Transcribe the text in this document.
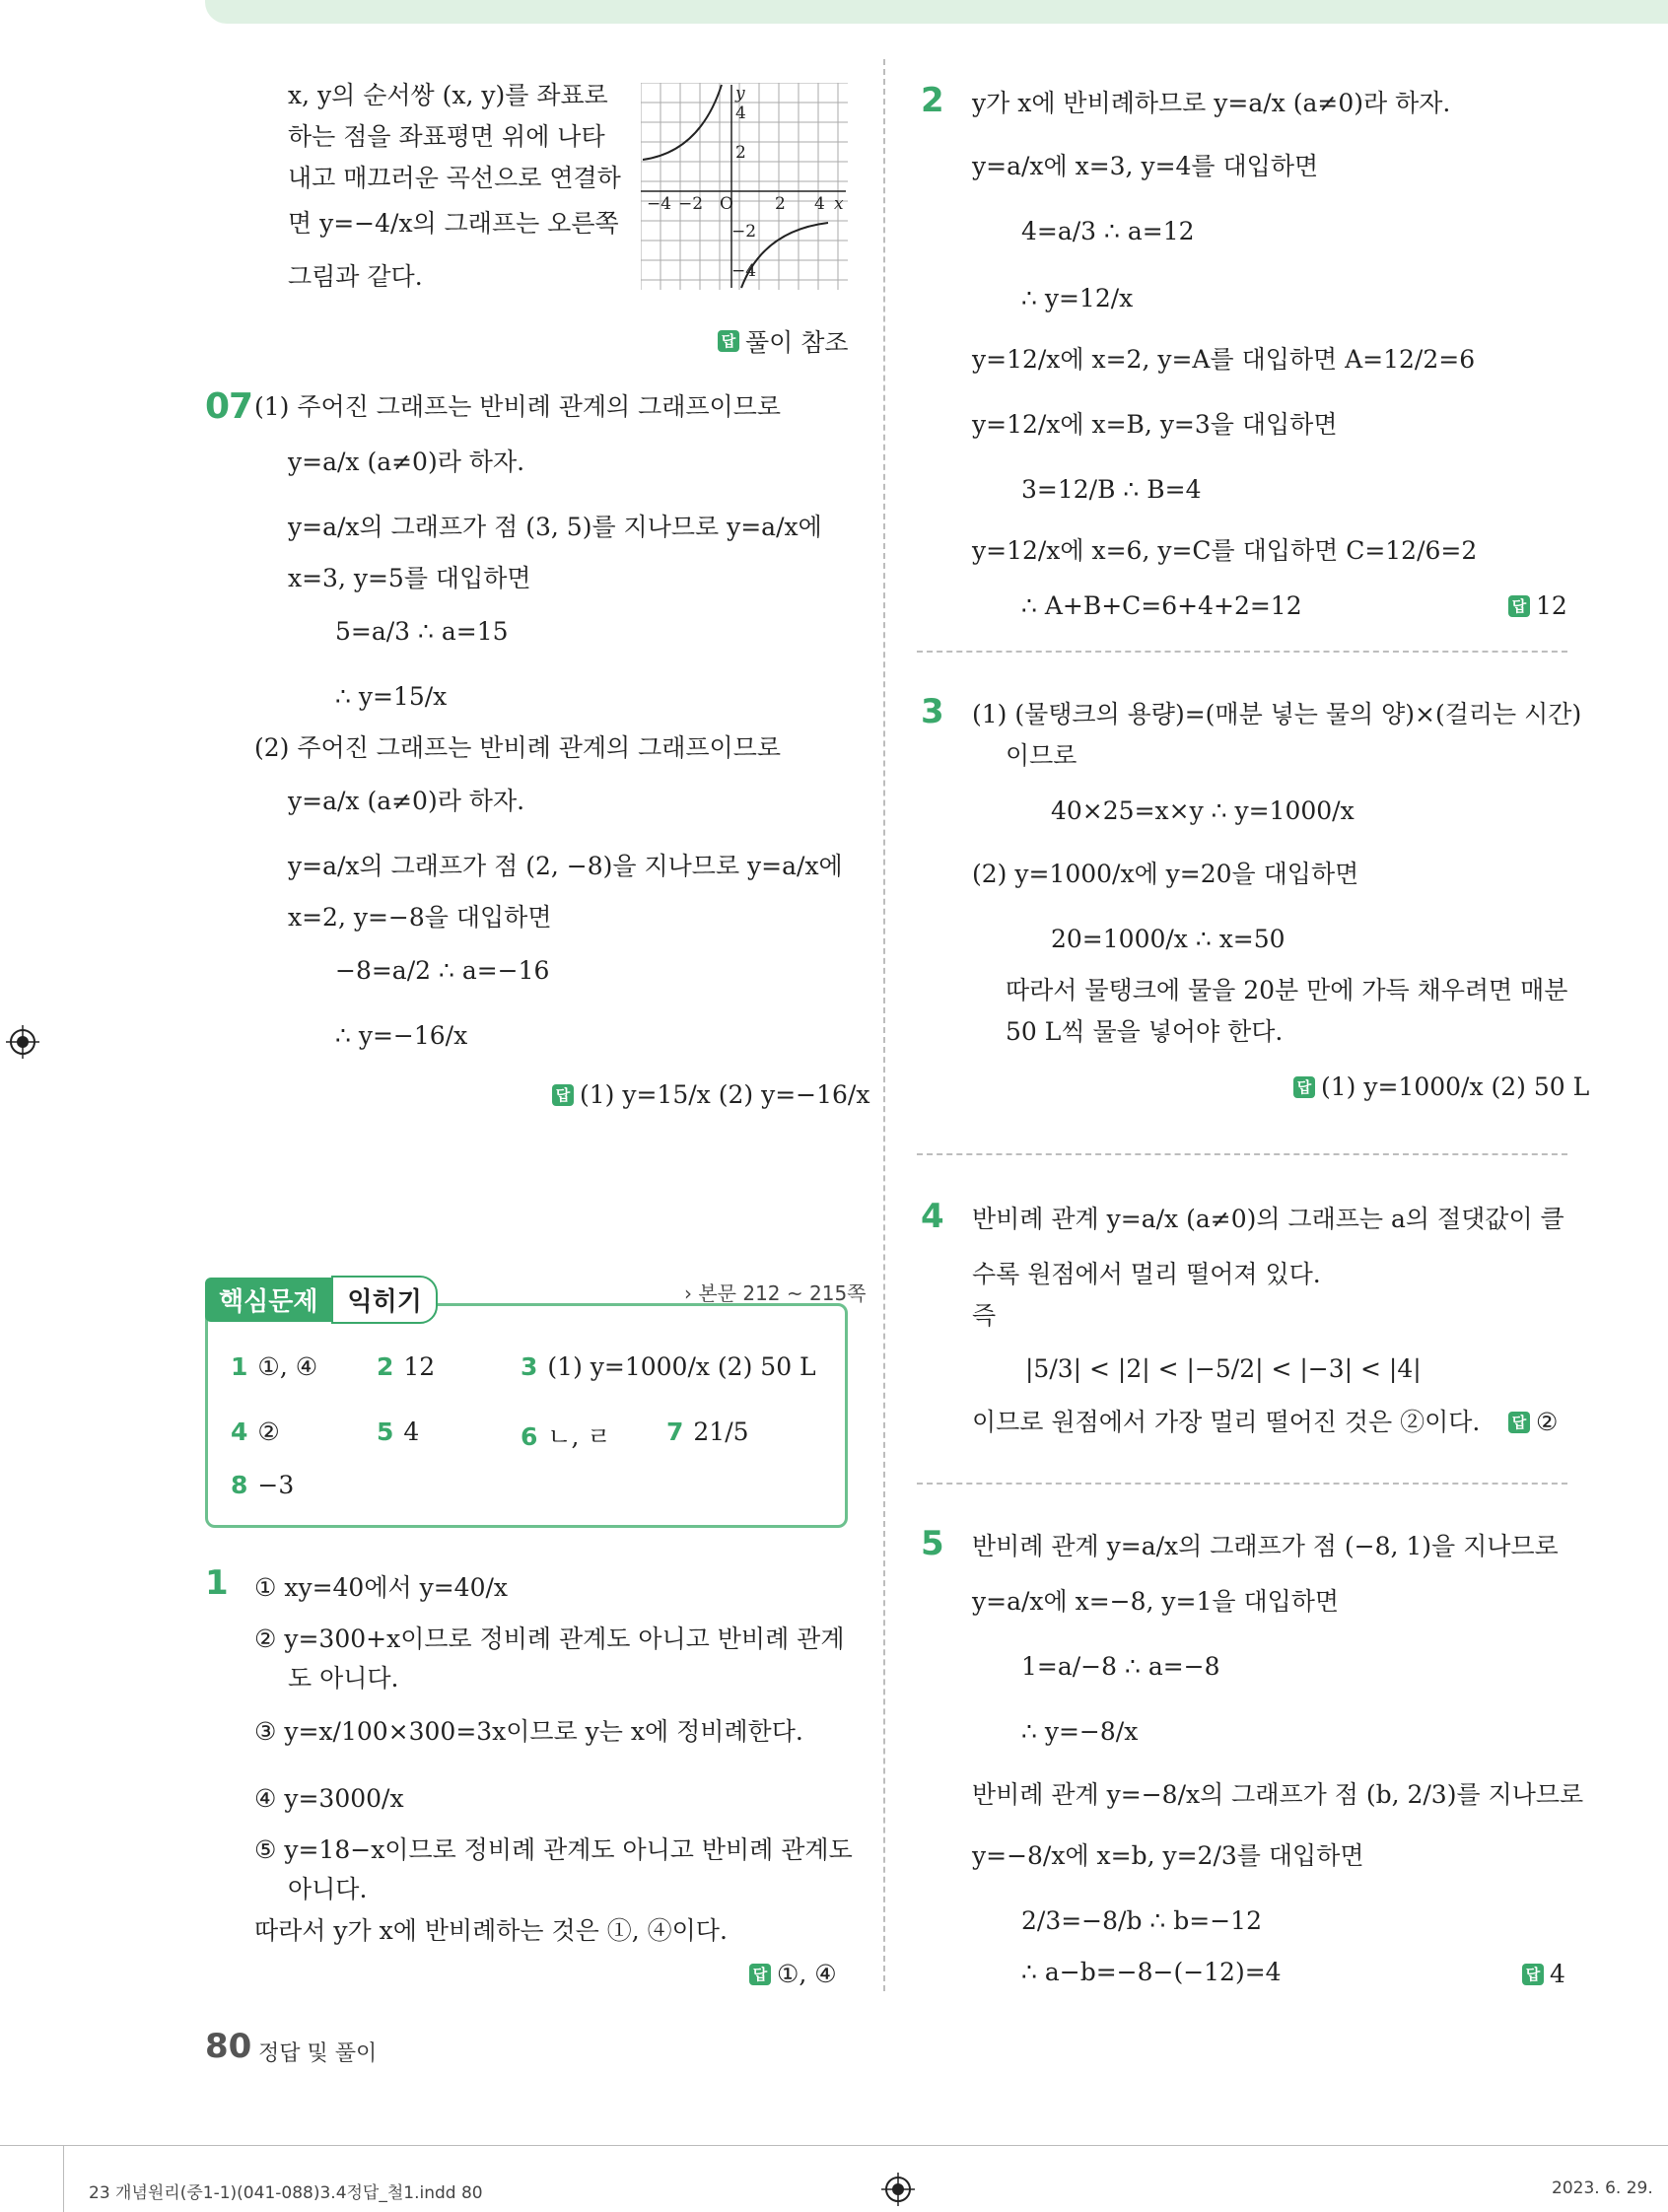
x, y의 순서쌍 (x, y)를 좌표로
하는 점을 좌표평면 위에 나타
내고 매끄러운 곡선으로 연결하
면 y=−4/x의 그래프는 오른쪽
그림과 같다.
y
x
O
4
2
−2
−4
−4 −2	2 4
답 풀이 참조
07 (1) 주어진 그래프는 반비례 관계의 그래프이므로
y=a/x (a≠0)라 하자.
y=a/x의 그래프가 점 (3, 5)를 지나므로 y=a/x에
x=3, y=5를 대입하면
5=a/3 ∴ a=15
∴ y=15/x
(2) 주어진 그래프는 반비례 관계의 그래프이므로
y=a/x (a≠0)라 하자.
y=a/x의 그래프가 점 (2, −8)을 지나므로 y=a/x에
x=2, y=−8을 대입하면
−8=a/2 ∴ a=−16
∴ y=−16/x
답 (1) y=15/x (2) y=−16/x
핵심문제	익히기	› 본문 212 ~ 215쪽
1 ①, ④ 2 12	3 (1) y=1000/x (2) 50 L
4 ②	5 4	6 ㄴ, ㄹ 7 21/5
8 −3
1 ① xy=40에서 y=40/x
② y=300+x이므로 정비례 관계도 아니고 반비례 관계
도 아니다.
③ y=x/100×300=3x이므로 y는 x에 정비례한다.
④ y=3000/x
⑤ y=18−x이므로 정비례 관계도 아니고 반비례 관계도
아니다.
따라서 y가 x에 반비례하는 것은 ①, ④이다.
답 ①, ④
2 y가 x에 반비례하므로 y=a/x (a≠0)라 하자.
y=a/x에 x=3, y=4를 대입하면
4=a/3 ∴ a=12
∴ y=12/x
y=12/x에 x=2, y=A를 대입하면 A=12/2=6
y=12/x에 x=B, y=3을 대입하면
3=12/B ∴ B=4
y=12/x에 x=6, y=C를 대입하면 C=12/6=2
∴ A+B+C=6+4+2=12	답 12
3 (1) (물탱크의 용량)=(매분 넣는 물의 양)×(걸리는 시간)
이므로
40×25=x×y ∴ y=1000/x
(2) y=1000/x에 y=20을 대입하면
20=1000/x ∴ x=50
따라서 물탱크에 물을 20분 만에 가득 채우려면 매분
50 L씩 물을 넣어야 한다.
답 (1) y=1000/x (2) 50 L
4 반비례 관계 y=a/x (a≠0)의 그래프는 a의 절댓값이 클
수록 원점에서 멀리 떨어져 있다.
즉
|5/3| < |2| < |−5/2| < |−3| < |4|
이므로 원점에서 가장 멀리 떨어진 것은 ②이다. 답 ②
5 반비례 관계 y=a/x의 그래프가 점 (−8, 1)을 지나므로
y=a/x에 x=−8, y=1을 대입하면
1=a/−8 ∴ a=−8
∴ y=−8/x
반비례 관계 y=−8/x의 그래프가 점 (b, 2/3)를 지나므로
y=−8/x에 x=b, y=2/3를 대입하면
2/3=−8/b ∴ b=−12
∴ a−b=−8−(−12)=4	답 4
80 정답 및 풀이
23 개념원리(중1-1)(041-088)3.4정답_철1.indd 80	2023. 6. 29.
